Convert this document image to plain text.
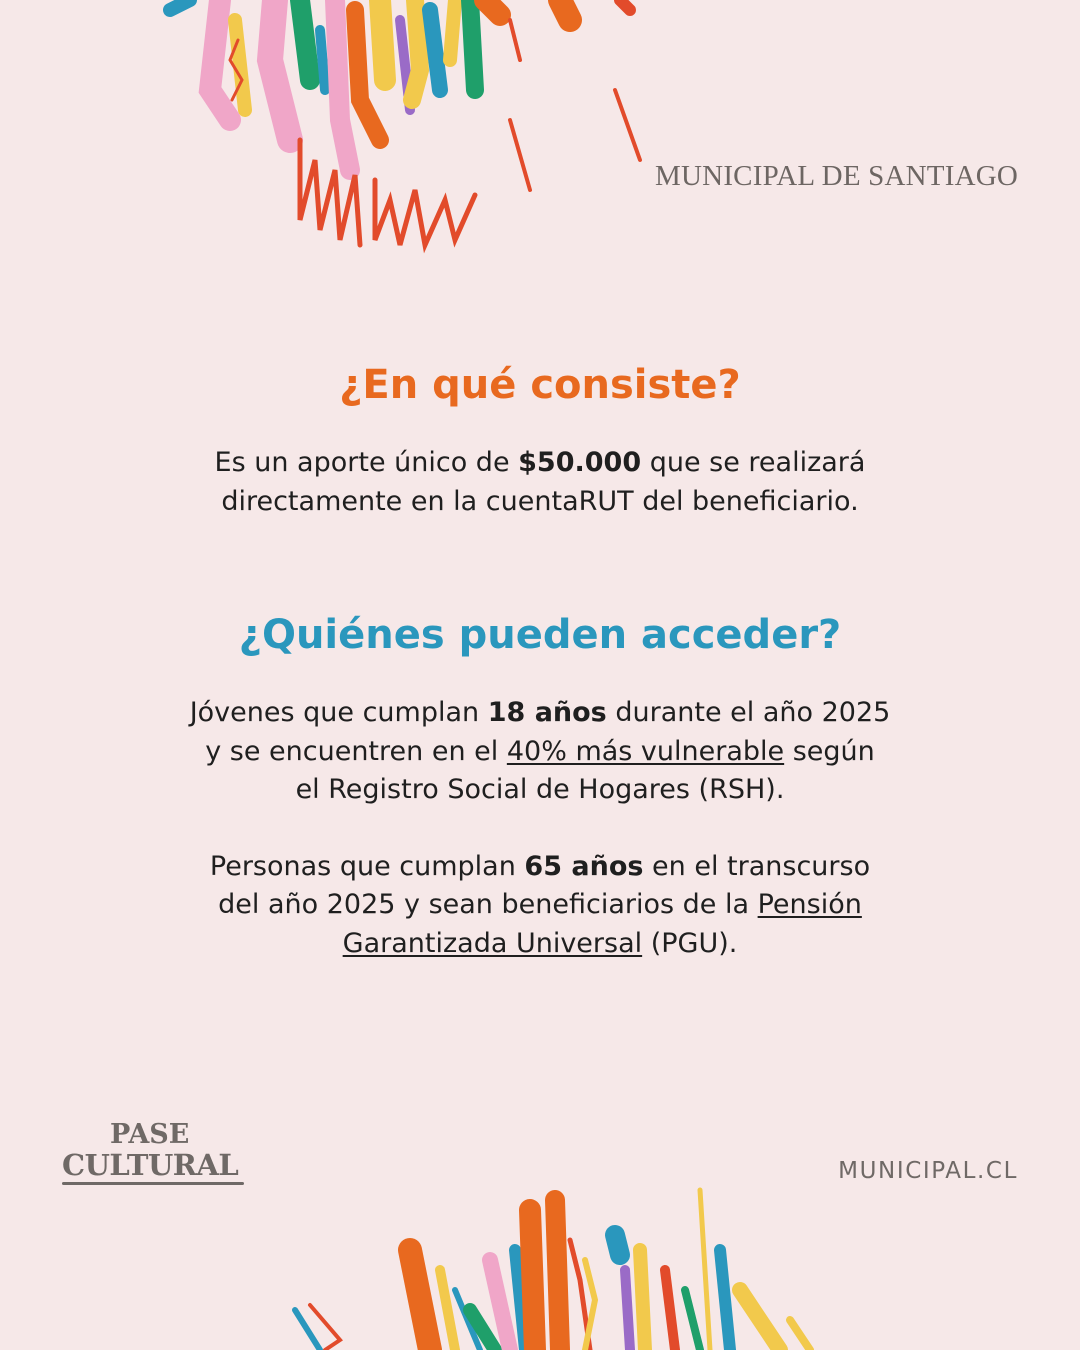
MUNICIPAL DE SANTIAGO
¿En qué consiste?

Es un aporte único de $50.000 que se realizará
directamente en la cuentaRUT del beneficiario.

¿Quiénes pueden acceder?

Jóvenes que cumplan 18 años durante el año 2025
y se encuentren en el 40% más vulnerable según
el Registro Social de Hogares (RSH).

Personas que cumplan 65 años en el transcurso
del año 2025 y sean beneficiarios de la Pensión
Garantizada Universal (PGU).

PASE
CULTURAL	MUNICIPAL.CL
